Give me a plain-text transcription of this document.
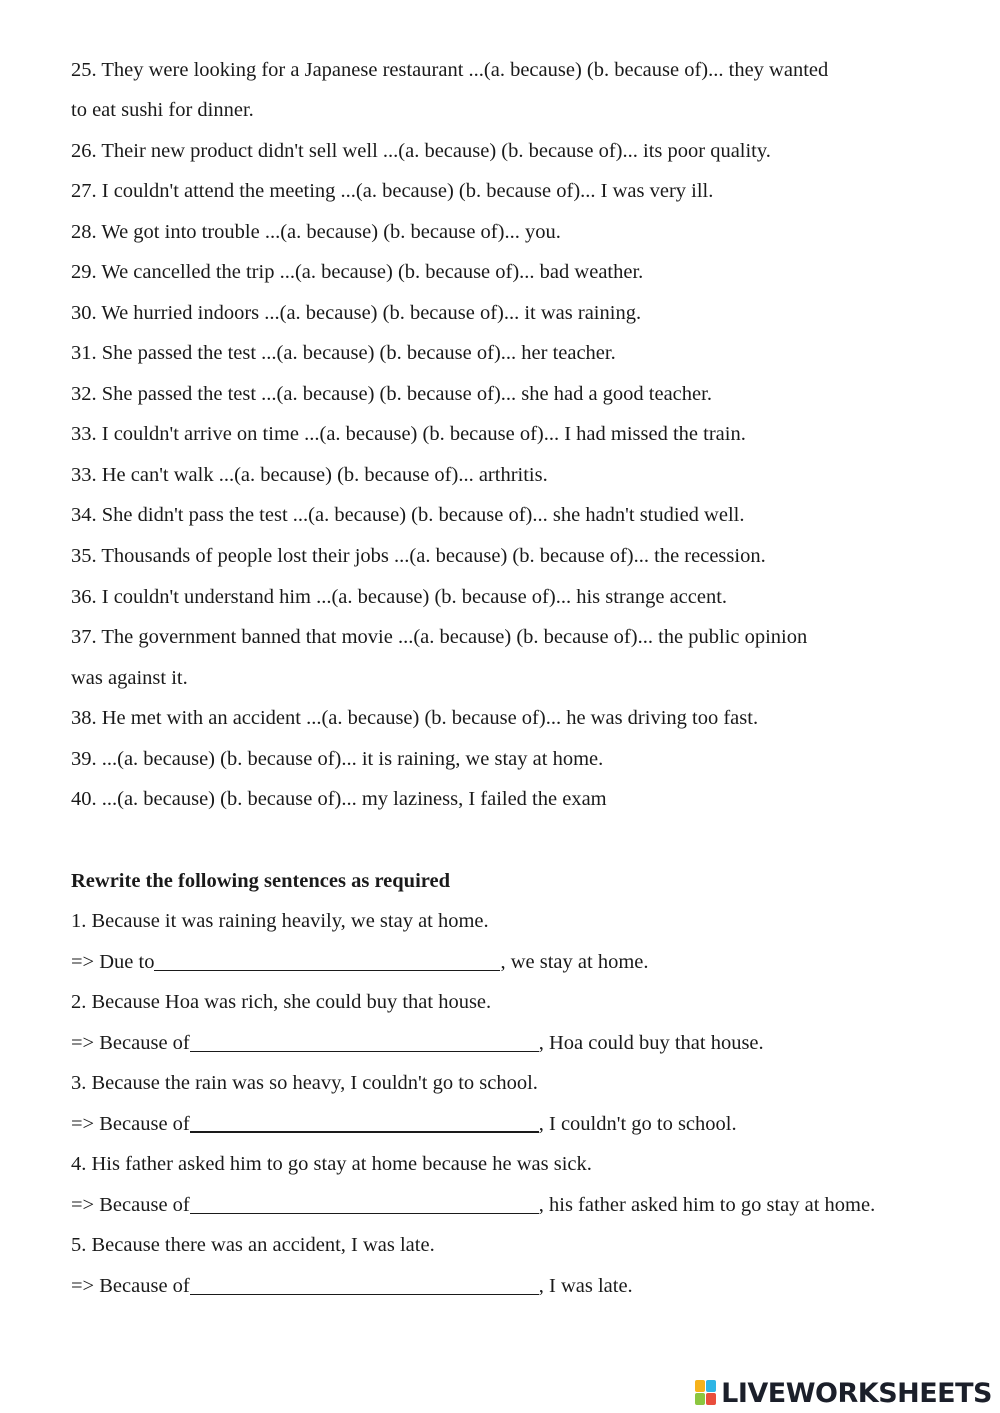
25. They were looking for a Japanese restaurant ...(a. because) (b. because of)... they wanted
to eat sushi for dinner.
26. Their new product didn't sell well ...(a. because) (b. because of)... its poor quality.
27. I couldn't attend the meeting ...(a. because) (b. because of)... I was very ill.
28. We got into trouble ...(a. because) (b. because of)... you.
29. We cancelled the trip ...(a. because) (b. because of)... bad weather.
30. We hurried indoors ...(a. because) (b. because of)... it was raining.
31. She passed the test ...(a. because) (b. because of)... her teacher.
32. She passed the test ...(a. because) (b. because of)... she had a good teacher.
33. I couldn't arrive on time ...(a. because) (b. because of)... I had missed the train.
33. He can't walk ...(a. because) (b. because of)... arthritis.
34. She didn't pass the test ...(a. because) (b. because of)... she hadn't studied well.
35. Thousands of people lost their jobs ...(a. because) (b. because of)... the recession.
36. I couldn't understand him ...(a. because) (b. because of)... his strange accent.
37. The government banned that movie ...(a. because) (b. because of)... the public opinion
was against it.
38. He met with an accident ...(a. because) (b. because of)... he was driving too fast.
39. ...(a. because) (b. because of)... it is raining, we stay at home.
40. ...(a. because) (b. because of)... my laziness, I failed the exam
Rewrite the following sentences as required
1. Because it was raining heavily, we stay at home.
=> Due to	, we stay at home.
2. Because Hoa was rich, she could buy that house.
=> Because of	, Hoa could buy that house.
3. Because the rain was so heavy, I couldn't go to school.
=> Because of	, I couldn't go to school.
4. His father asked him to go stay at home because he was sick.
=> Because of	, his father asked him to go stay at home.
5. Because there was an accident, I was late.
=> Because of	, I was late.
LIVEWORKSHEETS
